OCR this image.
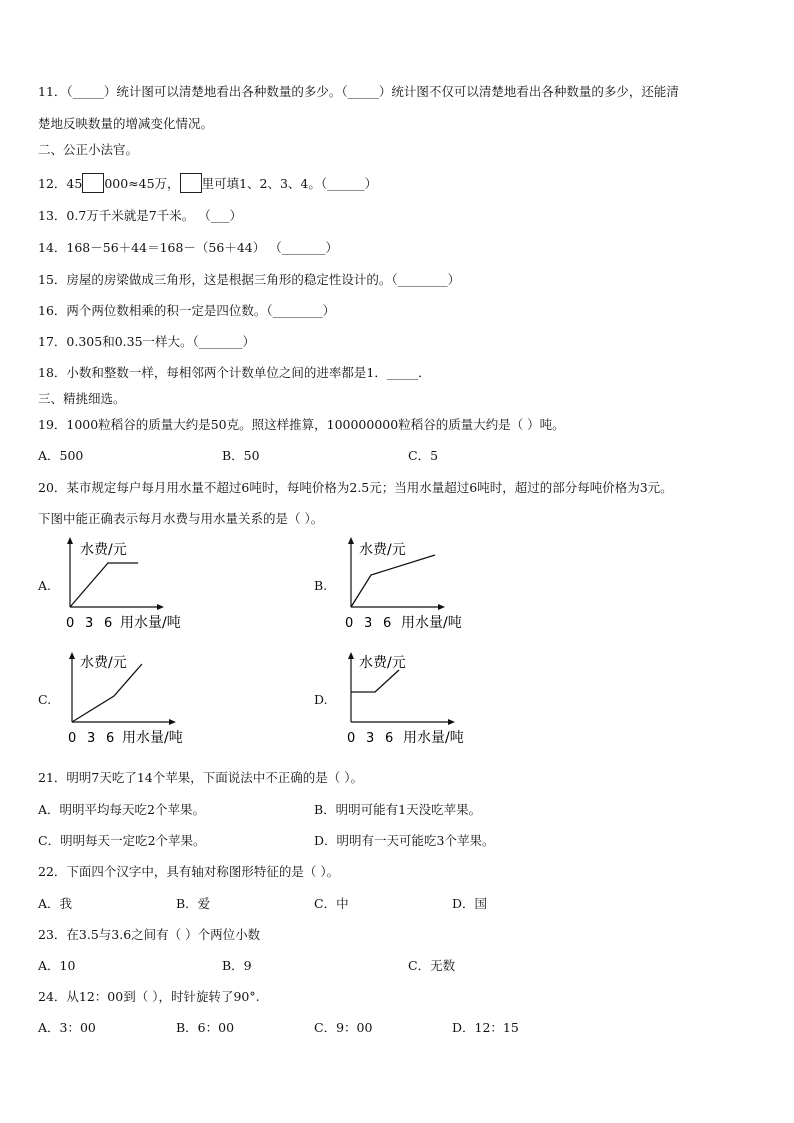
11．（_____）统计图可以清楚地看出各种数量的多少。（_____）统计图不仅可以清楚地看出各种数量的多少，还能清
楚地反映数量的增减变化情况。
二、公正小法官。
12．45 000≈45万， 里可填1、2、3、4。（______）
13．0.7万千米就是7千米。 （___）
14．168－56＋44＝168－（56＋44） （_______）
15．房屋的房梁做成三角形，这是根据三角形的稳定性设计的。（________）
16．两个两位数相乘的积一定是四位数。（________）
17．0.305和0.35一样大。（_______）
18．小数和整数一样，每相邻两个计数单位之间的进率都是1．_____．
三、精挑细选。
19．1000粒稻谷的质量大约是50克。照这样推算，100000000粒稻谷的质量大约是（ ）吨。
A．500	B．50	C．5
20．某市规定每户每月用水量不超过6吨时，每吨价格为2.5元；当用水量超过6吨时，超过的部分每吨价格为3元。
下图中能正确表示每月水费与用水量关系的是（ ）。
A.
水费/元
0 3 6 用水量/吨
B.
水费/元
0 3 6 用水量/吨
C.
水费/元
0 3 6 用水量/吨
D.
水费/元
0 3 6 用水量/吨
21．明明7天吃了14个苹果，下面说法中不正确的是（ ）。
A．明明平均每天吃2个苹果。	B．明明可能有1天没吃苹果。
C．明明每天一定吃2个苹果。	D．明明有一天可能吃3个苹果。
22．下面四个汉字中，具有轴对称图形特征的是（ ）。
A．我	B．爱	C．中	D．国
23．在3.5与3.6之间有（ ）个两位小数
A．10	B．9	C．无数
24．从12：00到（ ），时针旋转了90°.
A．3：00	B．6：00	C．9：00	D．12：15
